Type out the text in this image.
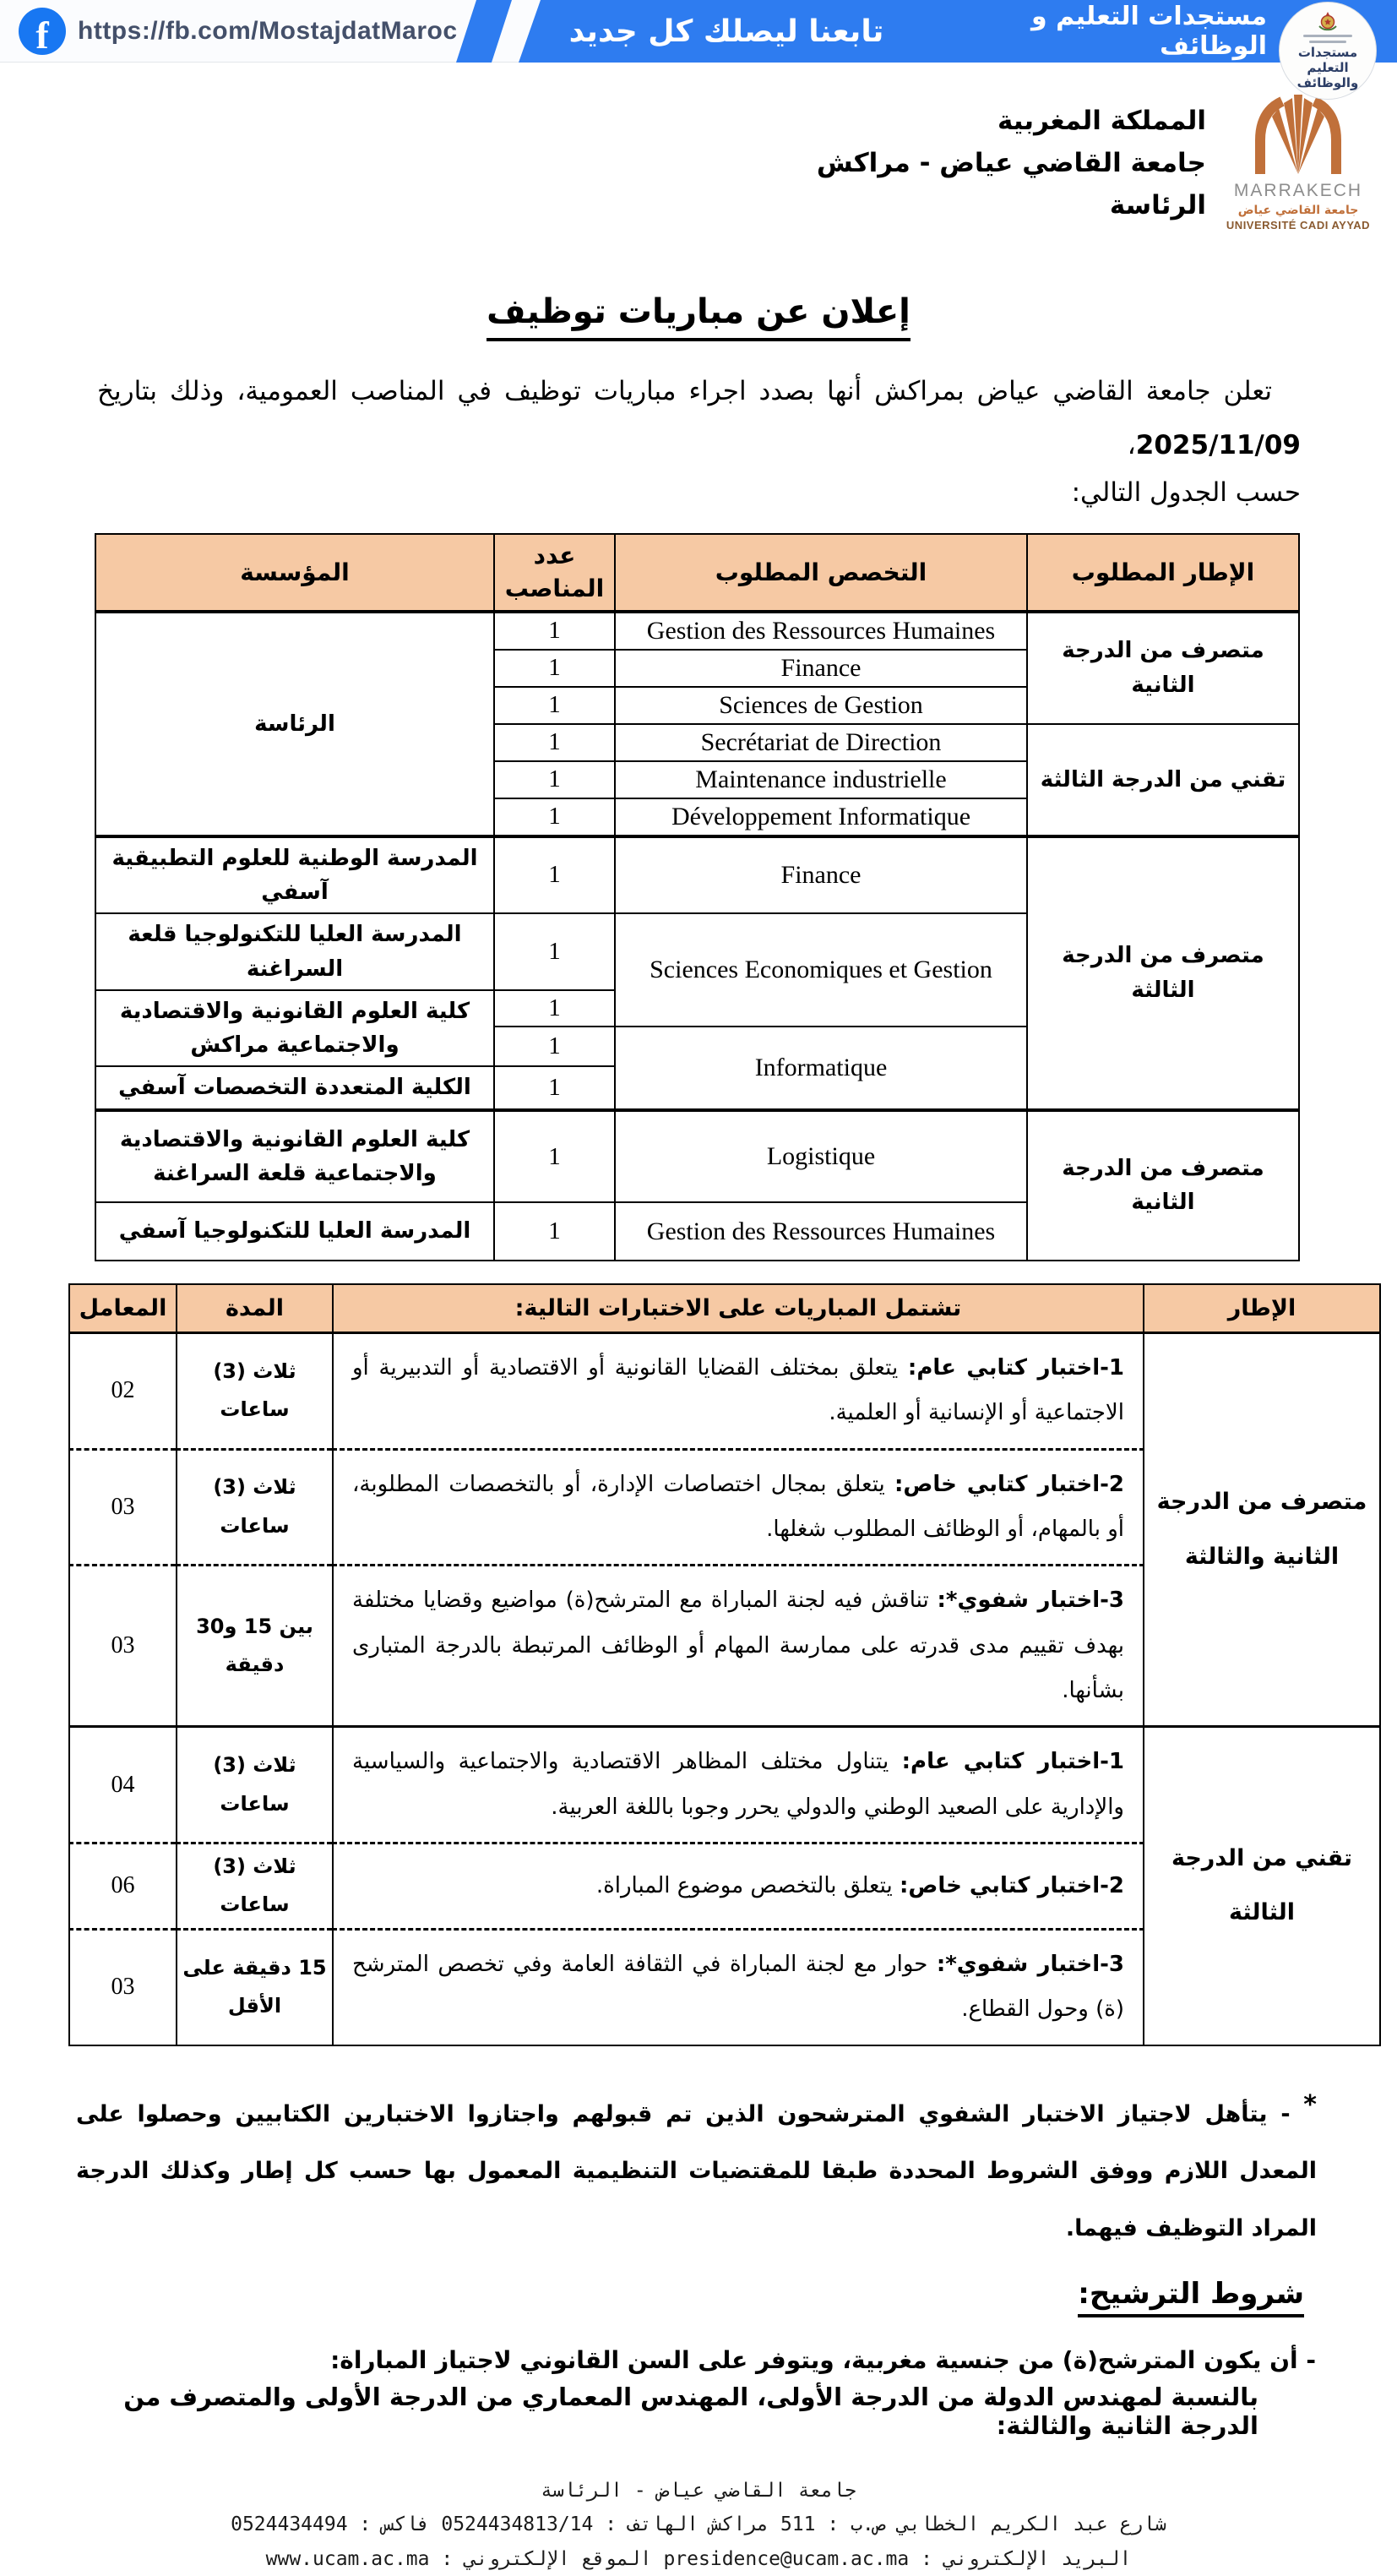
f https://fb.com/MostajdatMaroc	تابعنا ليصلك كل جديد	مستجدات التعليم و الوظائف	مستجدات التعليم
والوظائف
MARRAKECH
جامعة القاضي عياض
UNIVERSITÉ CADI AYYAD
المملكة المغربية
جامعة القاضي عياض - مراكش
الرئاسة
إعلان عن مباريات توظيف
تعلن جامعة القاضي عياض بمراكش أنها بصدد اجراء مباريات توظيف في المناصب العمومية، وذلك بتاريخ 2025/11/09،
حسب الجدول التالي:
الإطار المطلوب	التخصص المطلوب	عدد المناصب	المؤسسة
متصرف من الدرجة الثانية	Gestion des Ressources Humaines	1	الرئاسة
	Finance	1	
	Sciences de Gestion	1	
تقني من الدرجة الثالثة	Secrétariat de Direction	1	
	Maintenance industrielle	1	
	Développement Informatique	1	
متصرف من الدرجة الثالثة	Finance	1	المدرسة الوطنية للعلوم التطبيقية آسفي
	Sciences Economiques et Gestion	1	المدرسة العليا للتكنولوجيا قلعة السراغنة
		1	كلية العلوم القانونية والاقتصادية والاجتماعية مراكش
	Informatique	1	
		1	الكلية المتعددة التخصصات آسفي
متصرف من الدرجة الثانية	Logistique	1	كلية العلوم القانونية والاقتصادية والاجتماعية قلعة السراغنة
	Gestion des Ressources Humaines	1	المدرسة العليا للتكنولوجيا آسفي
الإطار	تشتمل المباريات على الاختبارات التالية:	المدة	المعامل
متصرف من الدرجة الثانية والثالثة	1-اختبار كتابي عام: يتعلق بمختلف القضايا القانونية أو الاقتصادية أو التدبيرية أو الاجتماعية أو الإنسانية أو العلمية.	ثلاث (3) ساعات	02
	2-اختبار كتابي خاص: يتعلق بمجال اختصاصات الإدارة، أو بالتخصصات المطلوبة، أو بالمهام، أو الوظائف المطلوب شغلها.	ثلاث (3) ساعات	03
	3-اختبار شفوي*: تناقش فيه لجنة المباراة مع المترشح(ة) مواضيع وقضايا مختلفة بهدف تقييم مدى قدرته على ممارسة المهام أو الوظائف المرتبطة بالدرجة المتبارى بشأنها.	بين 15 و30 دقيقة	03
تقني من الدرجة الثالثة	1-اختبار كتابي عام: يتناول مختلف المظاهر الاقتصادية والاجتماعية والسياسية والإدارية على الصعيد الوطني والدولي يحرر وجوبا باللغة العربية.	ثلاث (3) ساعات	04
	2-اختبار كتابي خاص: يتعلق بالتخصص موضوع المباراة.	ثلاث (3) ساعات	06
	3-اختبار شفوي*: حوار مع لجنة المباراة في الثقافة العامة وفي تخصص المترشح (ة) وحول القطاع.	15 دقيقة على الأقل	03
* - يتأهل لاجتياز الاختبار الشفوي المترشحون الذين تم قبولهم واجتازوا الاختبارين الكتابيين وحصلوا على المعدل اللازم ووفق الشروط المحددة طبقا للمقتضيات التنظيمية المعمول بها حسب كل إطار وكذلك الدرجة المراد التوظيف فيهما.
شروط الترشيح:
- أن يكون المترشح(ة) من جنسية مغربية، ويتوفر على السن القانوني لاجتياز المباراة:
بالنسبة لمهندس الدولة من الدرجة الأولى، المهندس المعماري من الدرجة الأولى والمتصرف من الدرجة الثانية والثالثة:
جامعة القاضي عياض - الرئاسة
شارع عبد الكريم الخطابي ص.ب : 511 مراكش الهاتف : 0524434813/14 فاكس : 0524434494
البريد الإلكتروني : presidence@ucam.ac.ma الموقع الإلكتروني : www.ucam.ac.ma
